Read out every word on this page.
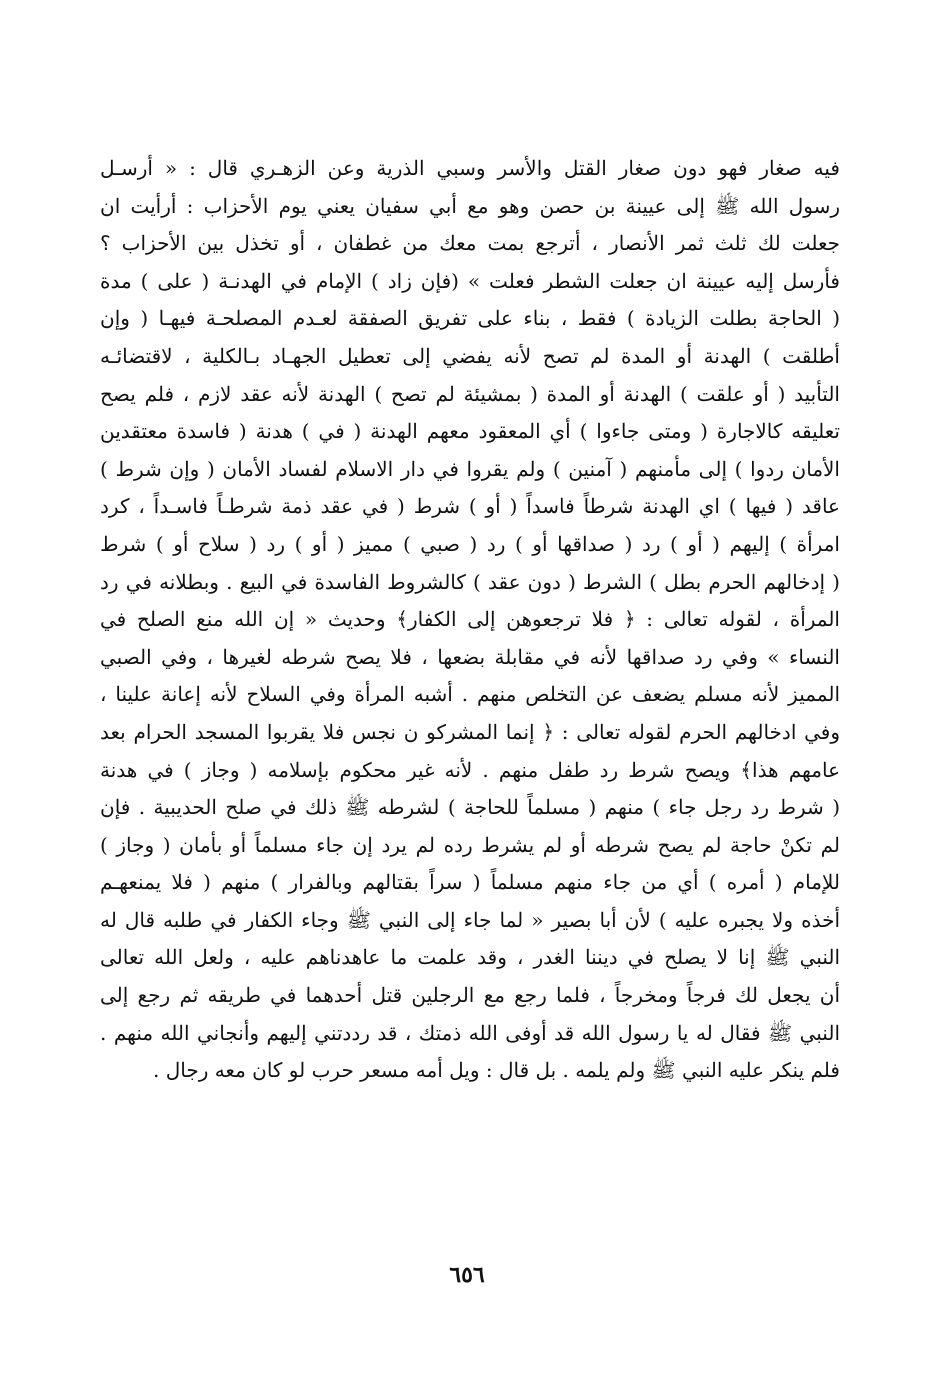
فيه صغار فهو دون صغار القتل والأسر وسبي الذرية وعن الزهـري قال : « أرسـل
رسول الله ﷺ إلى عيينة بن حصن وهو مع أبي سفيان يعني يوم الأحزاب : أرأيت ان
جعلت لك ثلث ثمر الأنصار ، أترجع بمت معك من غطفان ، أو تخذل بين الأحزاب ؟
فأرسل إليه عيينة ان جعلت الشطر فعلت » (فإن زاد ) الإمام في الهدنـة ( على ) مدة
( الحاجة بطلت الزيادة ) فقط ، بناء على تفريق الصفقة لعـدم المصلحـة فيهـا ( وإن
أطلقت ) الهدنة أو المدة لم تصح لأنه يفضي إلى تعطيل الجهـاد بـالكلية ، لاقتضائـه
التأبيد ( أو علقت ) الهدنة أو المدة ( بمشيئة لم تصح ) الهدنة لأنه عقد لازم ، فلم يصح
تعليقه كالاجارة ( ومتى جاءوا ) أي المعقود معهم الهدنة ( في ) هدنة ( فاسدة معتقدين
الأمان ردوا ) إلى مأمنهم ( آمنين ) ولم يقروا في دار الاسلام لفساد الأمان ( وإن شرط )
عاقد ( فيها ) اي الهدنة شرطاً فاسداً ( أو ) شرط ( في عقد ذمة شرطـاً فاسـداً ، كرد
امرأة ) إليهم ( أو ) رد ( صداقها أو ) رد ( صبي ) مميز ( أو ) رد ( سلاح أو ) شرط
( إدخالهم الحرم بطل ) الشرط ( دون عقد ) كالشروط الفاسدة في البيع . وبطلانه في رد
المرأة ، لقوله تعالى : ﴿ فلا ترجعوهن إلى الكفار﴾ وحديث « إن الله منع الصلح في
النساء » وفي رد صداقها لأنه في مقابلة بضعها ، فلا يصح شرطه لغيرها ، وفي الصبي
المميز لأنه مسلم يضعف عن التخلص منهم . أشبه المرأة وفي السلاح لأنه إعانة علينا ،
وفي ادخالهم الحرم لقوله تعالى : ﴿ إنما المشركو ن نجس فلا يقربوا المسجد الحرام بعد
عامهم هذا﴾ ويصح شرط رد طفل منهم . لأنه غير محكوم بإسلامه ( وجاز ) في هدنة
( شرط رد رجل جاء ) منهم ( مسلماً للحاجة ) لشرطه ﷺ ذلك في صلح الحديبية . فإن
لم تكنْ حاجة لم يصح شرطه أو لم يشرط رده لم يرد إن جاء مسلماً أو بأمان ( وجاز )
للإمام ( أمره ) أي من جاء منهم مسلماً ( سراً بقتالهم وبالفرار ) منهم ( فلا يمنعهـم
أخذه ولا يجبره عليه ) لأن أبا بصير « لما جاء إلى النبي ﷺ وجاء الكفار في طلبه قال له
النبي ﷺ إنا لا يصلح في ديننا الغدر ، وقد علمت ما عاهدناهم عليه ، ولعل الله تعالى
أن يجعل لك فرجاً ومخرجاً ، فلما رجع مع الرجلين قتل أحدهما في طريقه ثم رجع إلى
النبي ﷺ فقال له يا رسول الله قد أوفى الله ذمتك ، قد رددتني إليهم وأنجاني الله منهم .
فلم ينكر عليه النبي ﷺ ولم يلمه . بل قال : ويل أمه مسعر حرب لو كان معه رجال .
٦٥٦
